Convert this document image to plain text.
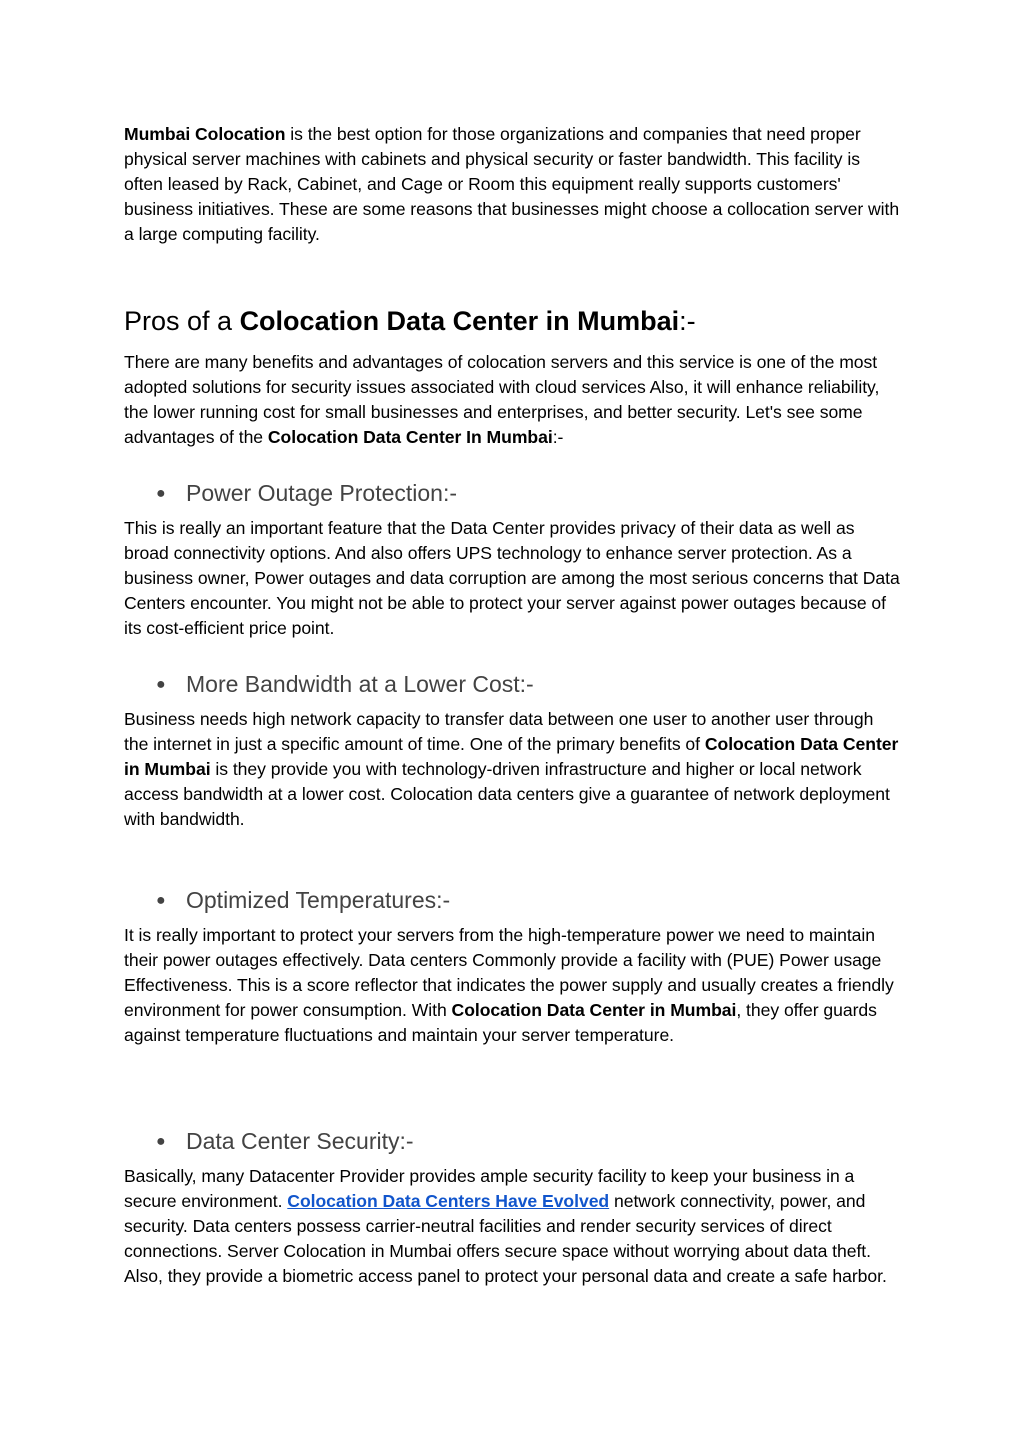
Mumbai Colocation is the best option for those organizations and companies that need proper physical server machines with cabinets and physical security or faster bandwidth. This facility is often leased by Rack, Cabinet, and Cage or Room this equipment really supports customers' business initiatives. These are some reasons that businesses might choose a collocation server with a large computing facility.

Pros of a Colocation Data Center in Mumbai:-

There are many benefits and advantages of colocation servers and this service is one of the most adopted solutions for security issues associated with cloud services Also, it will enhance reliability, the lower running cost for small businesses and enterprises, and better security. Let's see some advantages of the Colocation Data Center In Mumbai:-

● Power Outage Protection:-

This is really an important feature that the Data Center provides privacy of their data as well as broad connectivity options. And also offers UPS technology to enhance server protection. As a business owner, Power outages and data corruption are among the most serious concerns that Data Centers encounter. You might not be able to protect your server against power outages because of its cost-efficient price point.

● More Bandwidth at a Lower Cost:-

Business needs high network capacity to transfer data between one user to another user through the internet in just a specific amount of time. One of the primary benefits of Colocation Data Center in Mumbai is they provide you with technology-driven infrastructure and higher or local network access bandwidth at a lower cost. Colocation data centers give a guarantee of network deployment with bandwidth.

● Optimized Temperatures:-

It is really important to protect your servers from the high-temperature power we need to maintain their power outages effectively. Data centers Commonly provide a facility with (PUE) Power usage Effectiveness. This is a score reflector that indicates the power supply and usually creates a friendly environment for power consumption. With Colocation Data Center in Mumbai, they offer guards against temperature fluctuations and maintain your server temperature.

● Data Center Security:-

Basically, many Datacenter Provider provides ample security facility to keep your business in a secure environment. Colocation Data Centers Have Evolved network connectivity, power, and security. Data centers possess carrier-neutral facilities and render security services of direct connections. Server Colocation in Mumbai offers secure space without worrying about data theft. Also, they provide a biometric access panel to protect your personal data and create a safe harbor.
